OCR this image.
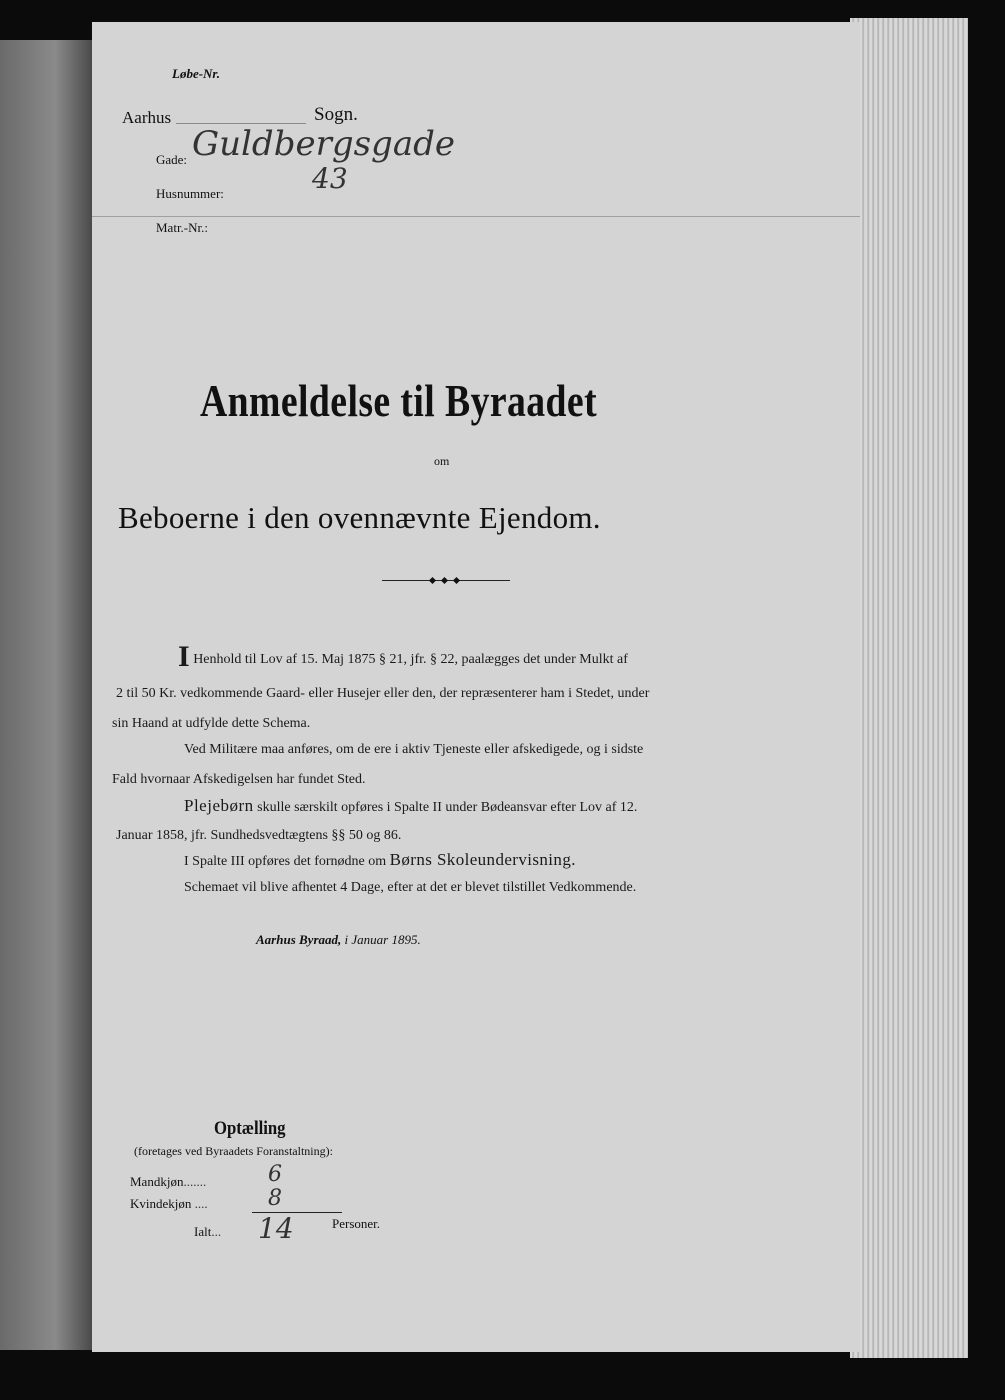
Løbe-Nr.
Aarhus	Sogn.
Gade: Guldbergsgade
Husnummer:	43
Matr.-Nr.:
Anmeldelse til Byraadet
om
Beboerne i den ovennævnte Ejendom.
I Henhold til Lov af 15. Maj 1875 § 21, jfr. § 22, paalægges det under Mulkt af
2 til 50 Kr. vedkommende Gaard- eller Husejer eller den, der repræsenterer ham i Stedet, under
sin Haand at udfylde dette Schema.
Ved Militære maa anføres, om de ere i aktiv Tjeneste eller afskedigede, og i sidste
Fald hvornaar Afskedigelsen har fundet Sted.
Plejebørn skulle særskilt opføres i Spalte II under Bødeansvar efter Lov af 12.
Januar 1858, jfr. Sundhedsvedtægtens §§ 50 og 86.
I Spalte III opføres det fornødne om Børns Skoleundervisning.
Schemaet vil blive afhentet 4 Dage, efter at det er blevet tilstillet Vedkommende.
Aarhus Byraad, i Januar 1895.
Optælling
(foretages ved Byraadets Foranstaltning):
Mandkjøn.......	6
Kvindekjøn ....	8
Ialt... 14	Personer.
